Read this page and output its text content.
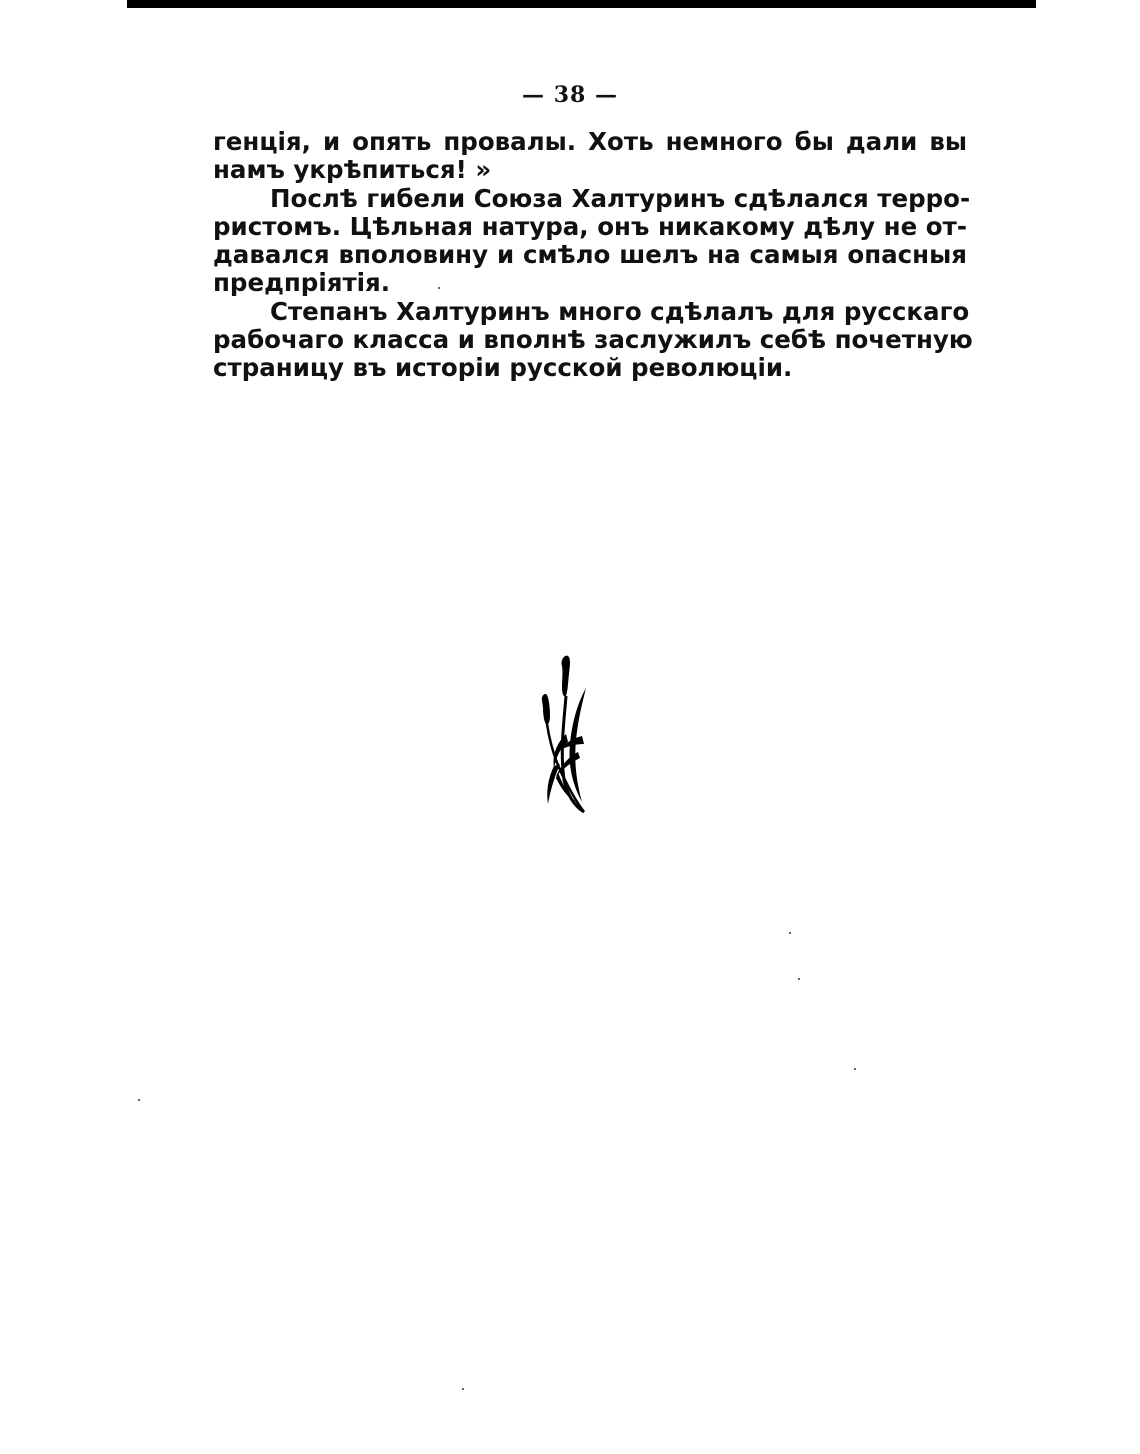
— 38 —
генція, и опять провалы. Хоть немного бы дали вы
намъ укрѣпиться! »
Послѣ гибели Союза Халтуринъ сдѣлался терро-
ристомъ. Цѣльная натура, онъ никакому дѣлу не от-
давался вполовину и смѣло шелъ на самыя опасныя
предпріятія.
Степанъ Халтуринъ много сдѣлалъ для русскаго
рабочаго класса и вполнѣ заслужилъ себѣ почетную
страницу въ исторіи русской революціи.
